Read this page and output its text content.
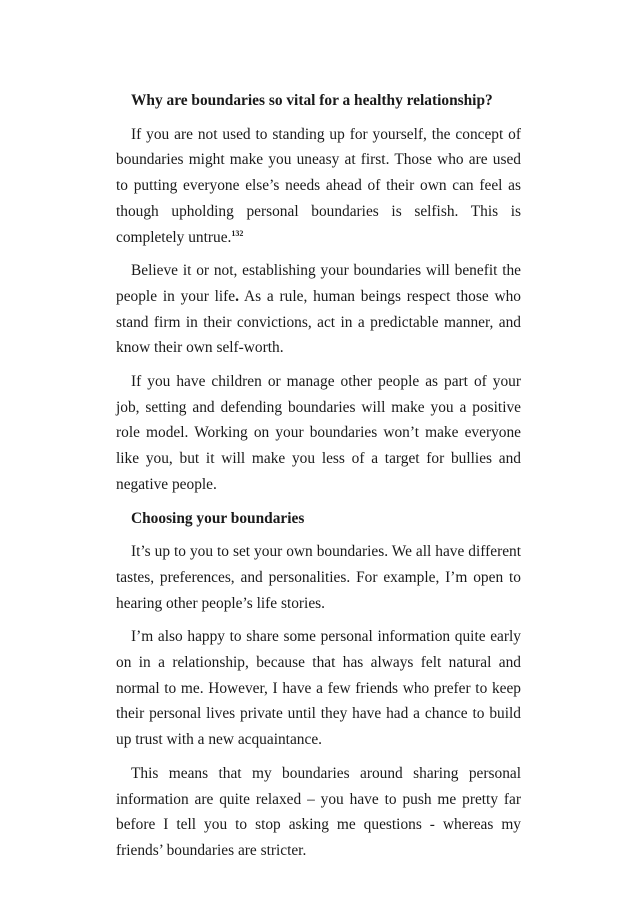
Why are boundaries so vital for a healthy relationship?

If you are not used to standing up for yourself, the concept of boundaries might make you uneasy at first. Those who are used to putting everyone else’s needs ahead of their own can feel as though upholding personal boundaries is selfish. This is completely untrue.$^{132}$

Believe it or not, establishing your boundaries will benefit the people in your life. As a rule, human beings respect those who stand firm in their convictions, act in a predictable manner, and know their own self-worth.

If you have children or manage other people as part of your job, setting and defending boundaries will make you a positive role model. Working on your boundaries won’t make everyone like you, but it will make you less of a target for bullies and negative people.

Choosing your boundaries

It’s up to you to set your own boundaries. We all have different tastes, preferences, and personalities. For example, I’m open to hearing other people’s life stories.

I’m also happy to share some personal information quite early on in a relationship, because that has always felt natural and normal to me. However, I have a few friends who prefer to keep their personal lives private until they have had a chance to build up trust with a new acquaintance.

This means that my boundaries around sharing personal information are quite relaxed – you have to push me pretty far before I tell you to stop asking me questions - whereas my friends’ boundaries are stricter.
